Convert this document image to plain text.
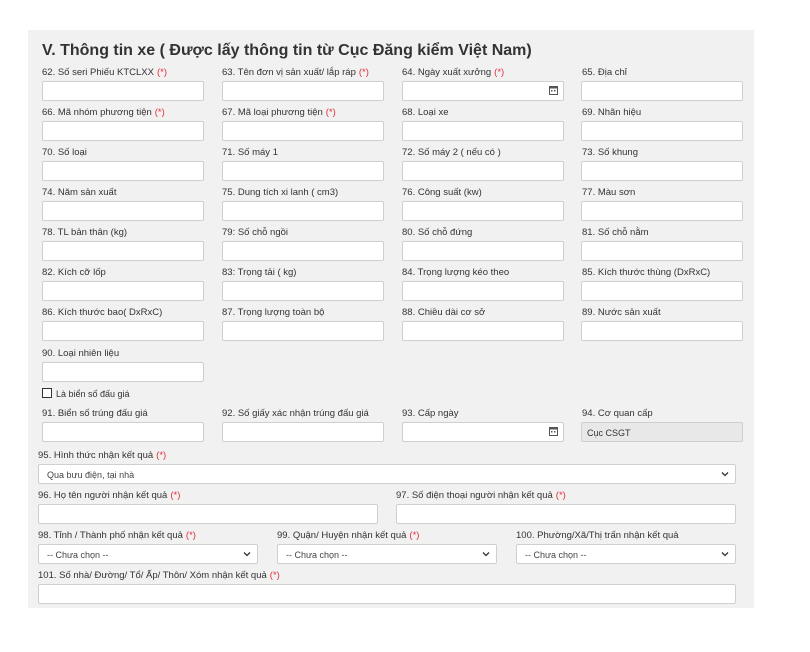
V. Thông tin xe ( Được lấy thông tin từ Cục Đăng kiểm Việt Nam)
62. Số seri Phiếu KTCLXX (*)	63. Tên đơn vị sản xuất/ lắp ráp (*)	64. Ngày xuất xưởng (*)	65. Địa chỉ
66. Mã nhóm phương tiện (*)	67. Mã loại phương tiện (*)	68. Loại xe	69. Nhãn hiệu
70. Số loại	71. Số máy 1	72. Số máy 2 ( nếu có )	73. Số khung
74. Năm sản xuất	75. Dung tích xi lanh ( cm3)	76. Công suất (kw)	77. Màu sơn
78. TL bản thân (kg)	79: Số chỗ ngồi	80. Số chỗ đứng	81. Số chỗ nằm
82. Kích cỡ lốp	83: Trọng tải ( kg)	84. Trọng lượng kéo theo	85. Kích thước thùng (DxRxC)
86. Kích thước bao( DxRxC)	87. Trọng lượng toàn bộ	88. Chiều dài cơ sở	89. Nước sản xuất
90. Loại nhiên liệu
Là biển số đấu giá
91. Biển số trúng đấu giá	92. Số giấy xác nhận trúng đấu giá	93. Cấp ngày	94. Cơ quan cấp
Cục CSGT
95. Hình thức nhận kết quả (*)
Qua bưu điện, tại nhà
96. Họ tên người nhận kết quả (*)	97. Số điện thoại người nhận kết quả (*)
98. Tỉnh / Thành phố nhận kết quả (*)
-- Chưa chọn --
99. Quận/ Huyện nhận kết quả (*)
-- Chưa chọn --
100. Phường/Xã/Thị trấn nhận kết quả
-- Chưa chọn --
101. Số nhà/ Đường/ Tổ/ Ấp/ Thôn/ Xóm nhận kết quả (*)
